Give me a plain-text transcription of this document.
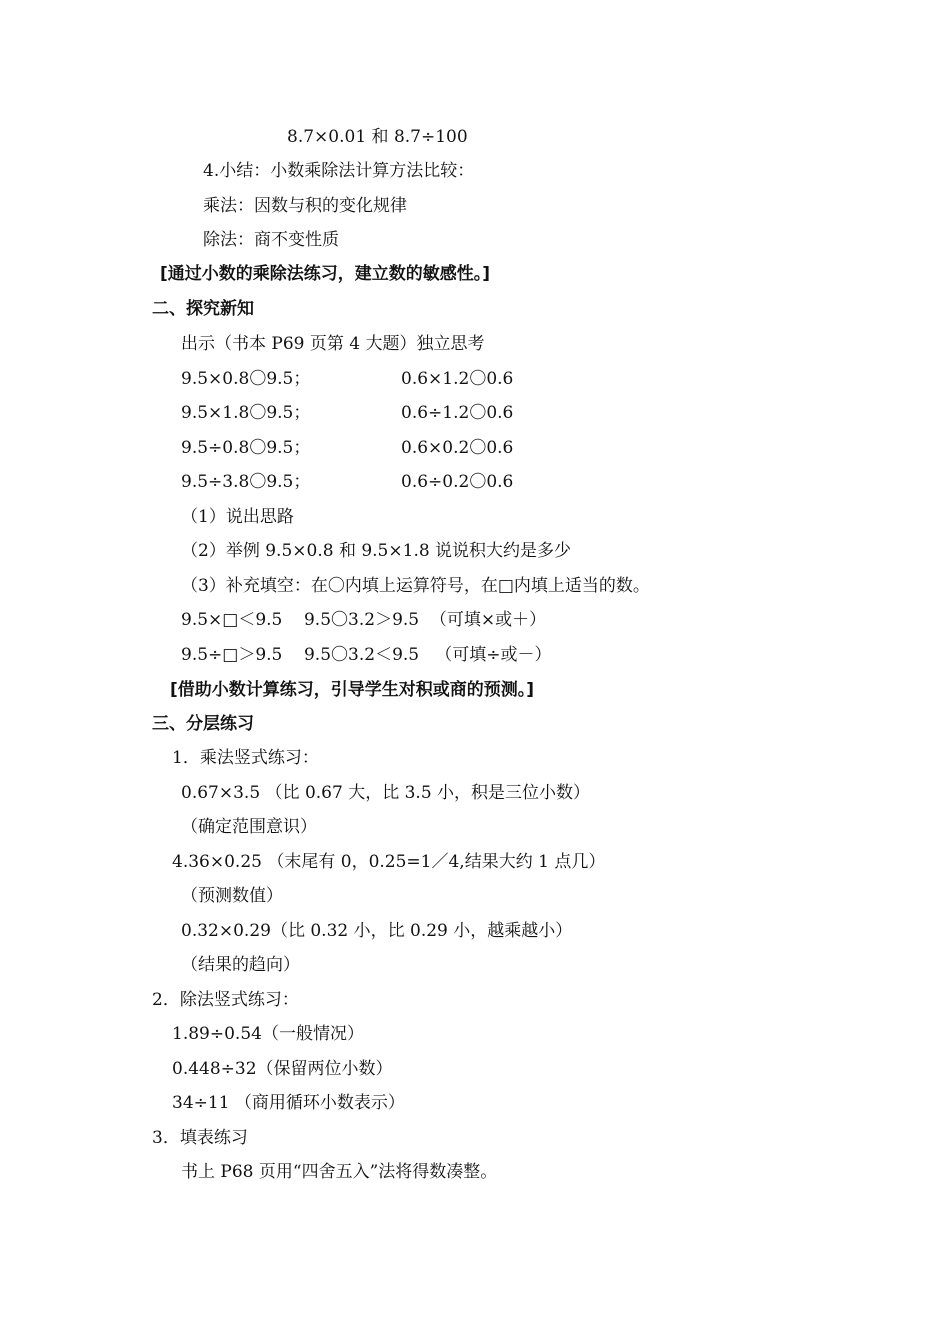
8.7×0.01 和 8.7÷100
4.小结：小数乘除法计算方法比较：
乘法：因数与积的变化规律
除法：商不变性质
[通过小数的乘除法练习，建立数的敏感性。]
二、探究新知
出示（书本 P69 页第 4 大题）独立思考
9.5×0.8〇9.5；	0.6×1.2〇0.6
9.5×1.8〇9.5；	0.6÷1.2〇0.6
9.5÷0.8〇9.5；	0.6×0.2〇0.6
9.5÷3.8〇9.5；	0.6÷0.2〇0.6
（1）说出思路
（2）举例 9.5×0.8 和 9.5×1.8 说说积大约是多少
（3）补充填空：在〇内填上运算符号，在□内填上适当的数。
9.5×□＜9.5    9.5〇3.2＞9.5  （可填×或＋）
9.5÷□＞9.5    9.5〇3.2＜9.5   （可填÷或－）
[借助小数计算练习，引导学生对积或商的预测。]
三、分层练习
1．乘法竖式练习：
0.67×3.5 （比 0.67 大，比 3.5 小，积是三位小数）
（确定范围意识）
4.36×0.25 （末尾有 0，0.25=1／4,结果大约 1 点几）
（预测数值）
0.32×0.29（比 0.32 小，比 0.29 小，越乘越小）
（结果的趋向）
2．除法竖式练习：
1.89÷0.54（一般情况）
0.448÷32（保留两位小数）
34÷11 （商用循环小数表示）
3．填表练习
书上 P68 页用“四舍五入”法将得数凑整。
